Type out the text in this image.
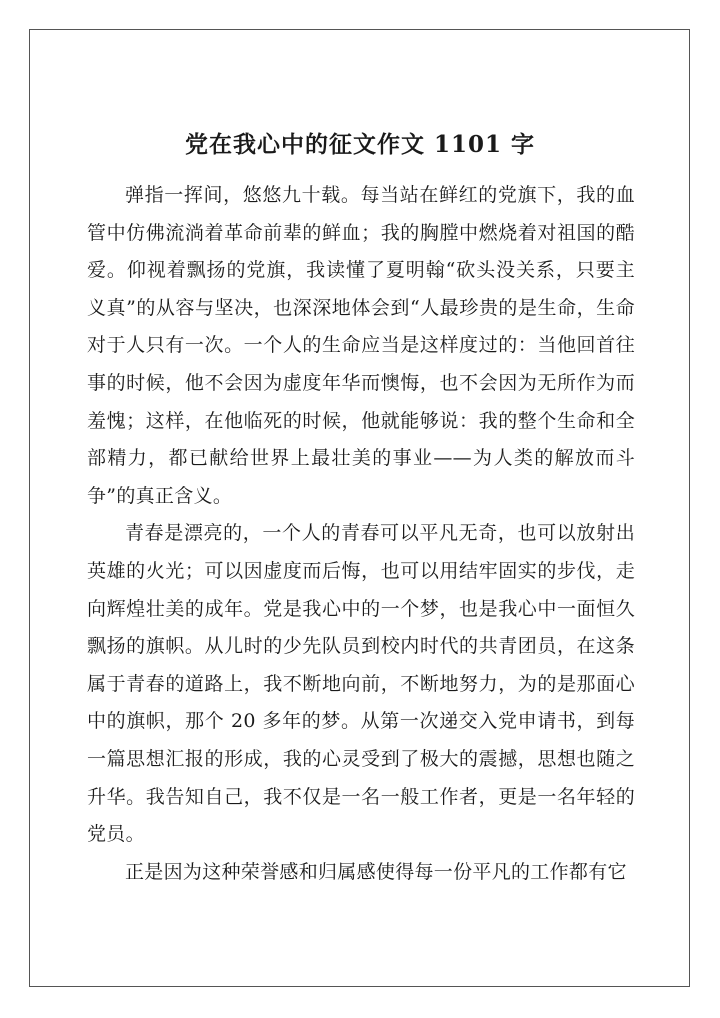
党在我心中的征文作文 1101 字

弹指一挥间，悠悠九十载。每当站在鲜红的党旗下，我的血管中仿佛流淌着革命前辈的鲜血；我的胸膛中燃烧着对祖国的酷爱。仰视着飘扬的党旗，我读懂了夏明翰“砍头没关系，只要主义真”的从容与坚决，也深深地体会到“人最珍贵的是生命，生命对于人只有一次。一个人的生命应当是这样度过的：当他回首往事的时候，他不会因为虚度年华而懊悔，也不会因为无所作为而羞愧；这样，在他临死的时候，他就能够说：我的整个生命和全部精力，都已献给世界上最壮美的事业——为人类的解放而斗争”的真正含义。

青春是漂亮的，一个人的青春可以平凡无奇，也可以放射出英雄的火光；可以因虚度而后悔，也可以用结牢固实的步伐，走向辉煌壮美的成年。党是我心中的一个梦，也是我心中一面恒久飘扬的旗帜。从儿时的少先队员到校内时代的共青团员，在这条属于青春的道路上，我不断地向前，不断地努力，为的是那面心中的旗帜，那个 20 多年的梦。从第一次递交入党申请书，到每一篇思想汇报的形成，我的心灵受到了极大的震撼，思想也随之升华。我告知自己，我不仅是一名一般工作者，更是一名年轻的党员。

正是因为这种荣誉感和归属感使得每一份平凡的工作都有它
